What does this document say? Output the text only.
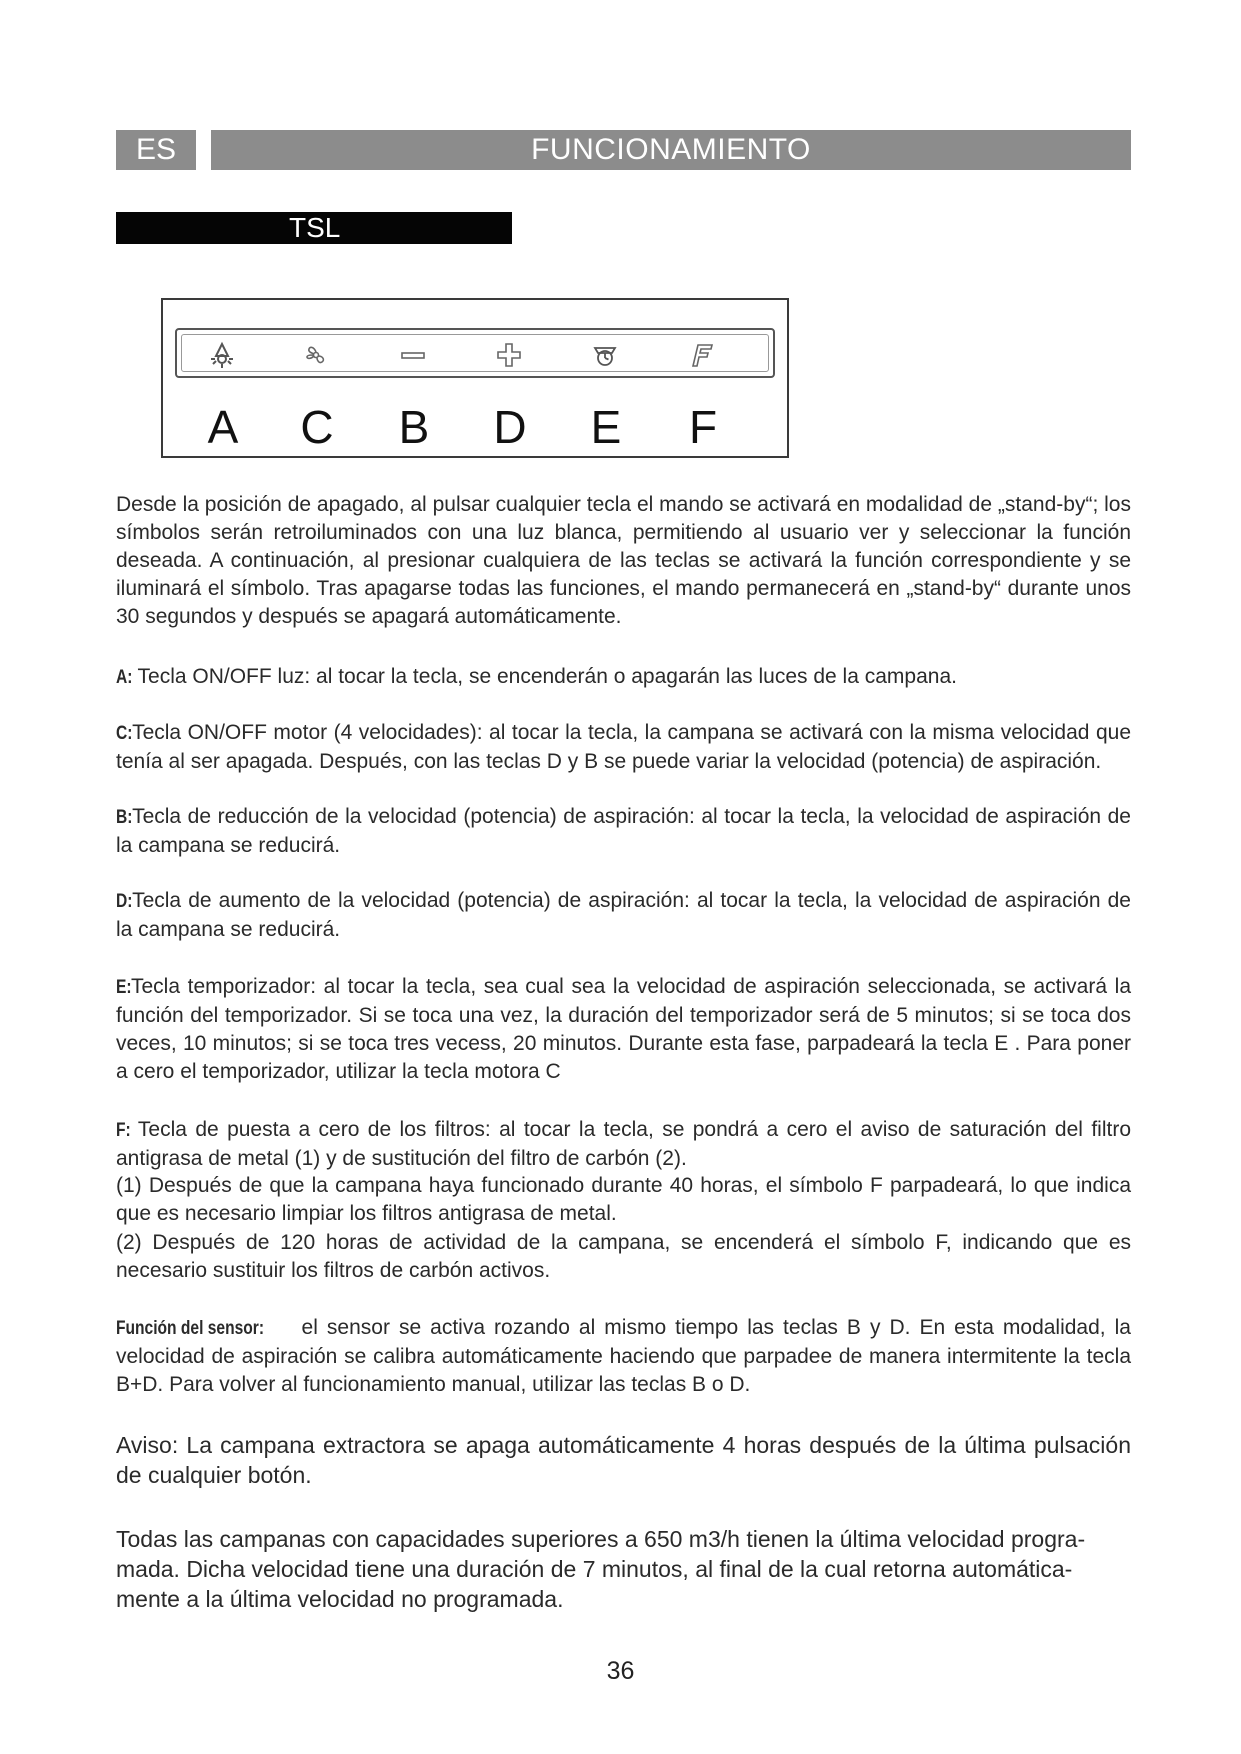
ES	FUNCIONAMIENTO
TSL
A	C	B	D	E	F

Desde la posición de apagado, al pulsar cualquier tecla el mando se activará en modalidad de „stand-by“; los símbolos serán retroiluminados con una luz blanca, permitiendo al usuario ver y seleccionar la función deseada. A continuación, al presionar cualquiera de las teclas se activará la función correspondiente y se iluminará el símbolo. Tras apagarse todas las funciones, el mando permanecerá en „stand-by“ durante unos 30 segundos y después se apagará automáticamente.

A: Tecla ON/OFF luz: al tocar la tecla, se encenderán o apagarán las luces de la campana.

C:Tecla ON/OFF motor (4 velocidades): al tocar la tecla, la campana se activará con la misma velocidad que tenía al ser apagada. Después, con las teclas D y B se puede variar la velocidad (potencia) de aspiración.

B:Tecla de reducción de la velocidad (potencia) de aspiración: al tocar la tecla, la velocidad de aspiración de la campana se reducirá.

D:Tecla de aumento de la velocidad (potencia) de aspiración: al tocar la tecla, la velocidad de aspiración de la campana se reducirá.

E:Tecla temporizador: al tocar la tecla, sea cual sea la velocidad de aspiración seleccionada, se activará la función del temporizador. Si se toca una vez, la duración del temporizador será de 5 minutos; si se toca dos veces, 10 minutos; si se toca tres vecess, 20 minutos. Durante esta fase, parpadeará la tecla E . Para poner a cero el temporizador, utilizar la tecla motora C

F: Tecla de puesta a cero de los filtros: al tocar la tecla, se pondrá a cero el aviso de saturación del filtro antigrasa de metal (1) y de sustitución del filtro de carbón (2).

(1) Después de que la campana haya funcionado durante 40 horas, el símbolo F parpadeará, lo que indica que es necesario limpiar los filtros antigrasa de metal.

(2) Después de 120 horas de actividad de la campana, se encenderá el símbolo F, indicando que es necesario sustituir los filtros de carbón activos.

Función del sensor: el sensor se activa rozando al mismo tiempo las teclas B y D. En esta modalidad, la velocidad de aspiración se calibra automáticamente haciendo que parpadee de manera intermitente la tecla B+D. Para volver al funcionamiento manual, utilizar las teclas B o D.

Aviso: La campana extractora se apaga automáticamente 4 horas después de la última pulsación de cualquier botón.

Todas las campanas con capacidades superiores a 650 m3/h tienen la última velocidad progra-mada. Dicha velocidad tiene una duración de 7 minutos, al final de la cual retorna automática-mente a la última velocidad no programada.

36
